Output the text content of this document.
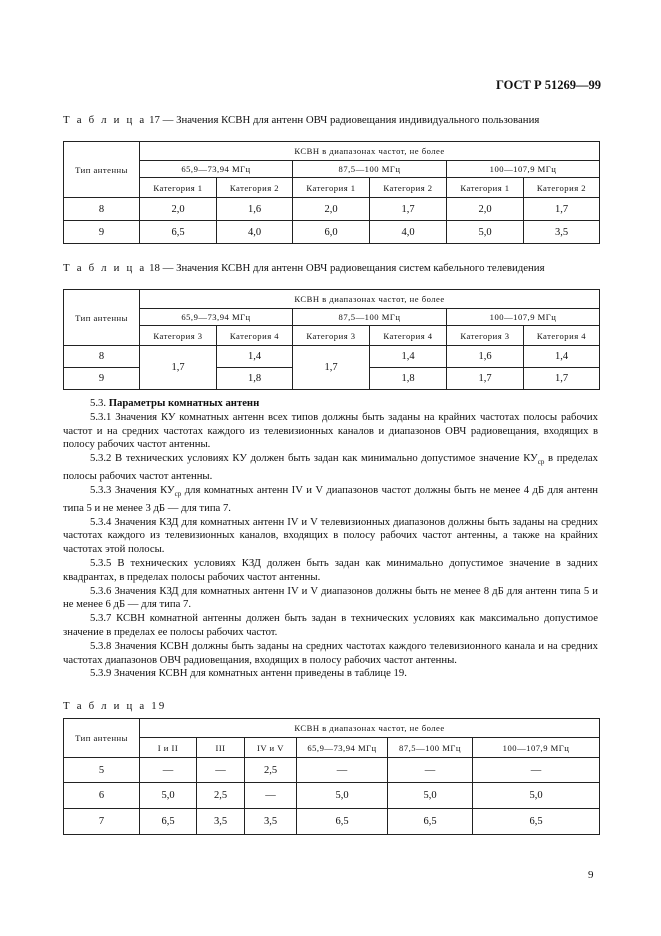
ГОСТ Р 51269—99
Т а б л и ц а 17 — Значения КСВН для антенн ОВЧ радиовещания индивидуального пользования
Тип антенны	КСВН в диапазонах частот, не более					
	65,9—73,94 МГц		87,5—100 МГц		100—107,9 МГц	
	Категория 1	Категория 2	Категория 1	Категория 2	Категория 1	Категория 2
8	2,0	1,6	2,0	1,7	2,0	1,7
9	6,5	4,0	6,0	4,0	5,0	3,5
Т а б л и ц а 18 — Значения КСВН для антенн ОВЧ радиовещания систем кабельного телевидения
Тип антенны	КСВН в диапазонах частот, не более					
	65,9—73,94 МГц		87,5—100 МГц		100—107,9 МГц	
	Категория 3	Категория 4	Категория 3	Категория 4	Категория 3	Категория 4
8	1,7	1,4	1,7	1,4	1,6	1,4
9		1,8		1,8	1,7	1,7

5.3. Параметры комнатных антенн

5.3.1 Значения КУ комнатных антенн всех типов должны быть заданы на крайних частотах полосы рабочих частот и на средних частотах каждого из телевизионных каналов и диапазонов ОВЧ радиовещания, входящих в полосу рабочих частот антенны.

5.3.2 В технических условиях КУ должен быть задан как минимально допустимое значение $КУ_{ср}$ в пределах полосы рабочих частот антенны.

5.3.3 Значения $КУ_{ср}$ для комнатных антенн IV и V диапазонов частот должны быть не менее 4 дБ для антенн типа 5 и не менее 3 дБ — для типа 7.

5.3.4 Значения КЗД для комнатных антенн IV и V телевизионных диапазонов должны быть заданы на средних частотах каждого из телевизионных каналов, входящих в полосу рабочих частот антенны, а также на крайних частотах этой полосы.

5.3.5 В технических условиях КЗД должен быть задан как минимально допустимое значение в задних квадрантах, в пределах полосы рабочих частот антенны.

5.3.6 Значения КЗД для комнатных антенн IV и V диапазонов должны быть не менее 8 дБ для антенн типа 5 и не менее 6 дБ — для типа 7.

5.3.7 КСВН комнатной антенны должен быть задан в технических условиях как максимально допустимое значение в пределах ее полосы рабочих частот.

5.3.8 Значения КСВН должны быть заданы на средних частотах каждого телевизионного канала и на средних частотах диапазонов ОВЧ радиовещания, входящих в полосу рабочих частот антенны.

5.3.9 Значения КСВН для комнатных антенн приведены в таблице 19.

Т а б л и ц а 19
Тип антенны	КСВН в диапазонах частот, не более					
	I и II	III	IV и V	65,9—73,94 МГц	87,5—100 МГц	100—107,9 МГц
5	—	—	2,5	—	—	—
6	5,0	2,5	—	5,0	5,0	5,0
7	6,5	3,5	3,5	6,5	6,5	6,5
9
